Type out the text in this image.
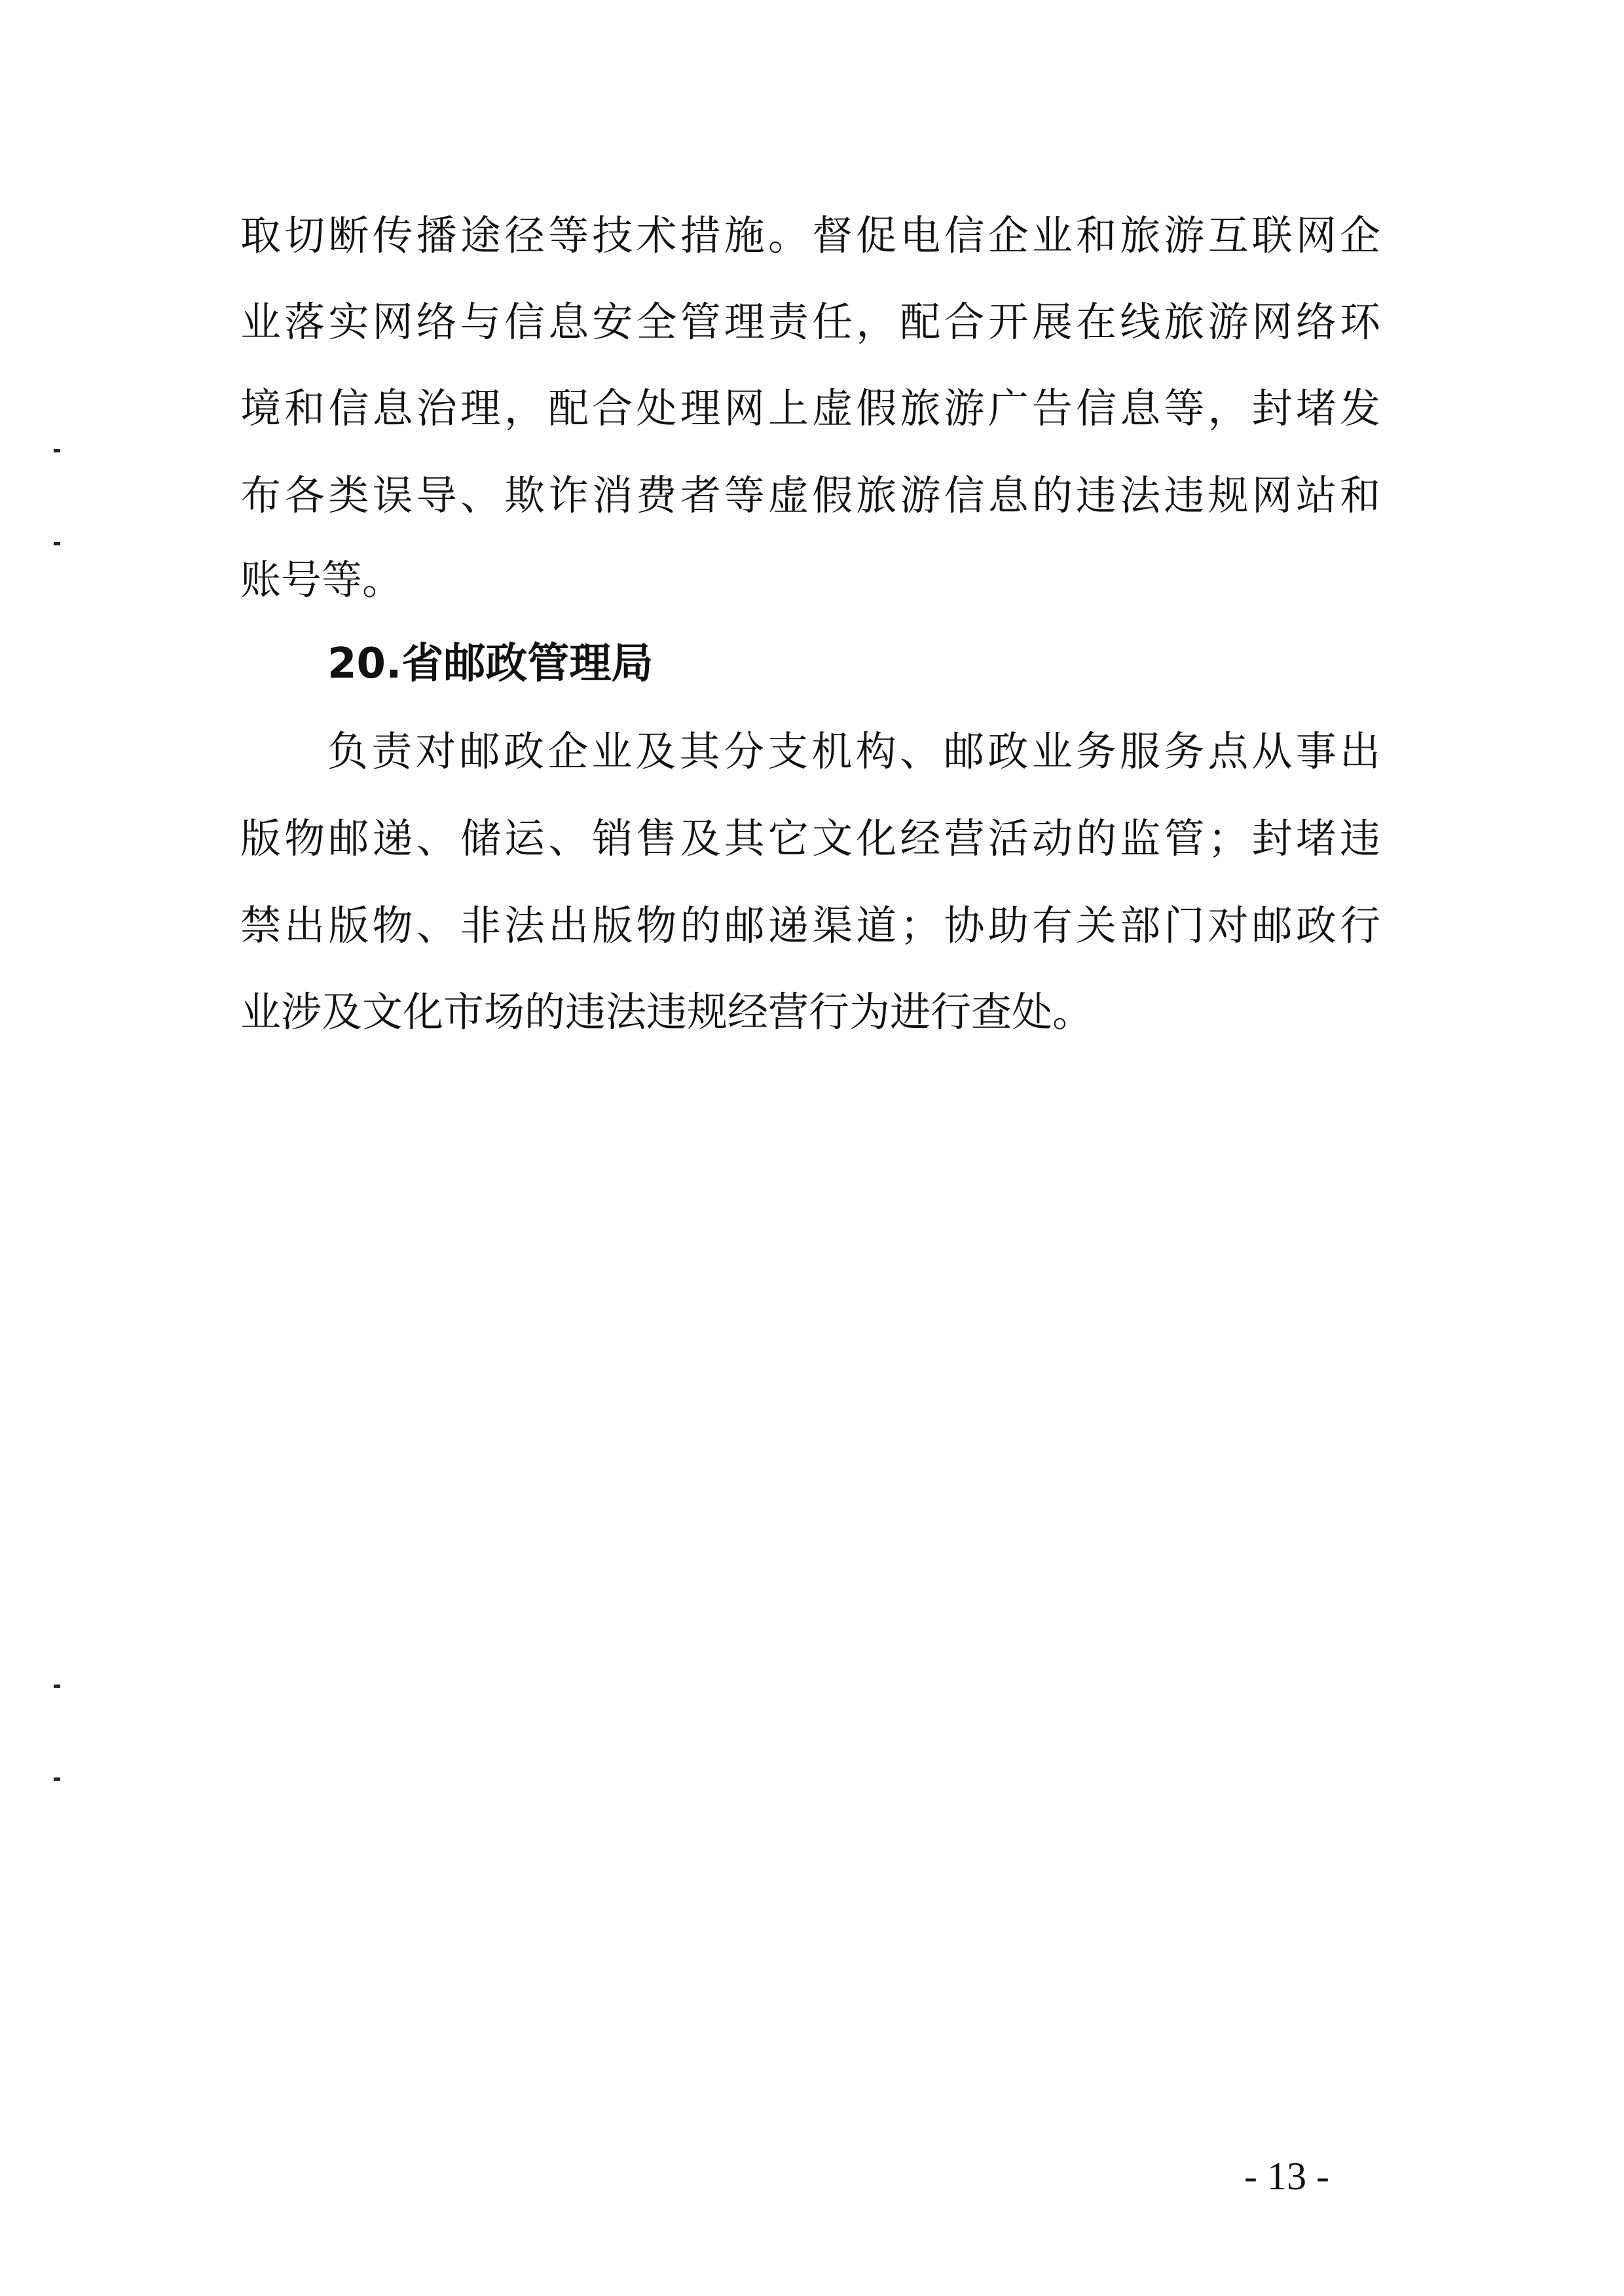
取切断传播途径等技术措施。督促电信企业和旅游互联网企
业落实网络与信息安全管理责任，配合开展在线旅游网络环
境和信息治理，配合处理网上虚假旅游广告信息等，封堵发
布各类误导、欺诈消费者等虚假旅游信息的违法违规网站和
账号等。
20.省邮政管理局
负责对邮政企业及其分支机构、邮政业务服务点从事出
版物邮递、储运、销售及其它文化经营活动的监管；封堵违
禁出版物、非法出版物的邮递渠道；协助有关部门对邮政行
业涉及文化市场的违法违规经营行为进行查处。
- 13 -
